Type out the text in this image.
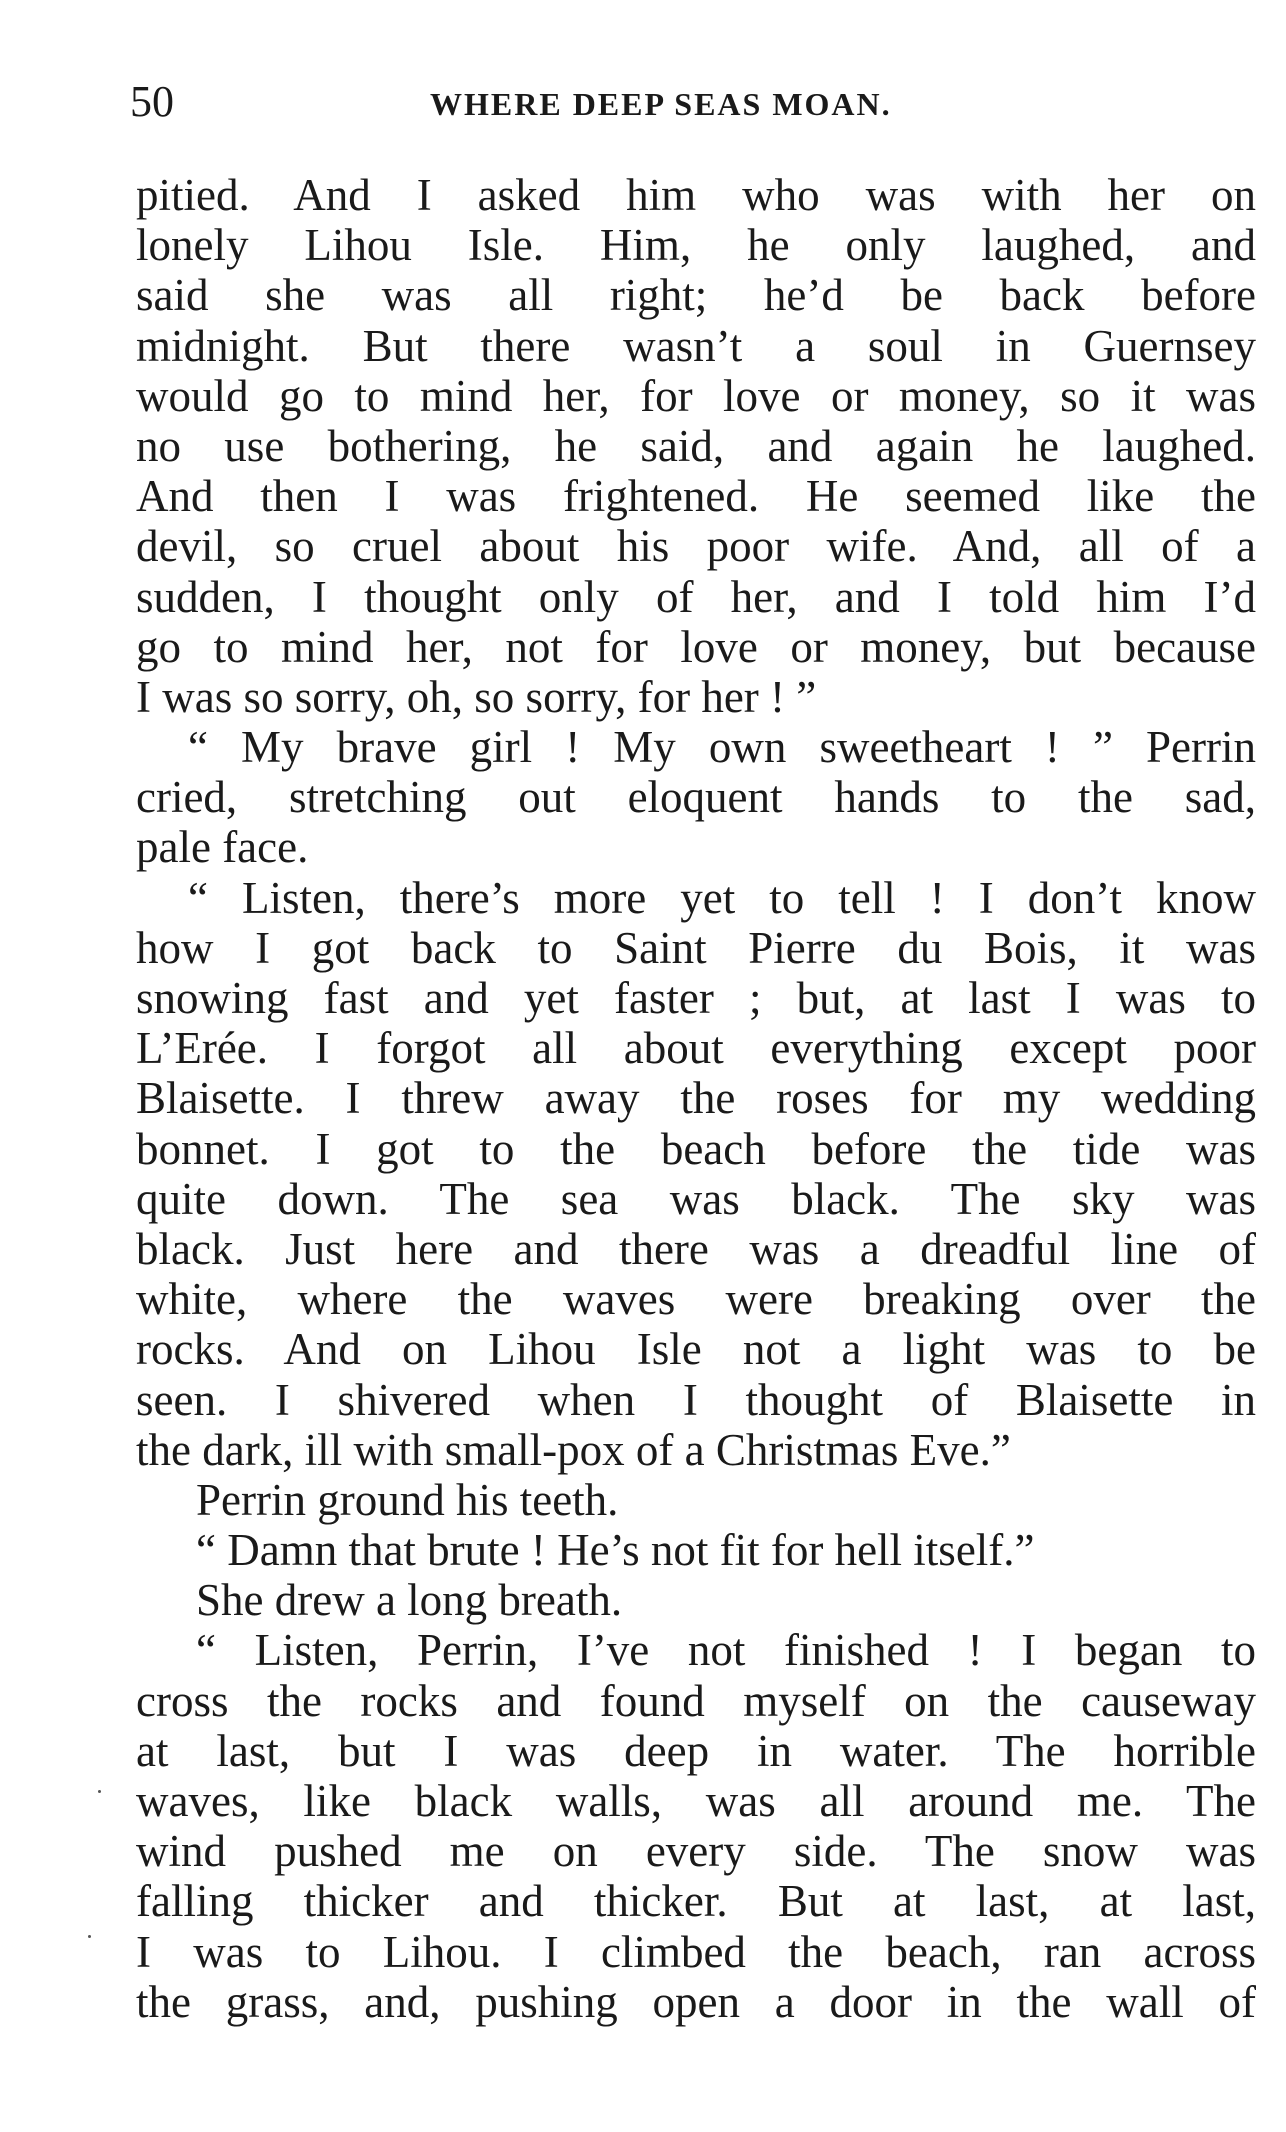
50	WHERE DEEP SEAS MOAN.
pitied. And I asked him who was with her on
lonely Lihou Isle. Him, he only laughed, and
said she was all right; he’d be back before
midnight. But there wasn’t a soul in Guernsey
would go to mind her, for love or money, so it was
no use bothering, he said, and again he laughed.
And then I was frightened. He seemed like the
devil, so cruel about his poor wife. And, all of a
sudden, I thought only of her, and I told him I’d
go to mind her, not for love or money, but because
I was so sorry, oh, so sorry, for her ! ”
“ My brave girl ! My own sweetheart ! ” Perrin
cried, stretching out eloquent hands to the sad,
pale face.
“ Listen, there’s more yet to tell ! I don’t know
how I got back to Saint Pierre du Bois, it was
snowing fast and yet faster ; but, at last I was to
L’Erée. I forgot all about everything except poor
Blaisette. I threw away the roses for my wedding
bonnet. I got to the beach before the tide was
quite down. The sea was black. The sky was
black. Just here and there was a dreadful line of
white, where the waves were breaking over the
rocks. And on Lihou Isle not a light was to be
seen. I shivered when I thought of Blaisette in
the dark, ill with small-pox of a Christmas Eve.”
Perrin ground his teeth.
“ Damn that brute ! He’s not fit for hell itself.”
She drew a long breath.
“ Listen, Perrin, I’ve not finished ! I began to
cross the rocks and found myself on the causeway
at last, but I was deep in water. The horrible
waves, like black walls, was all around me. The
wind pushed me on every side. The snow was
falling thicker and thicker. But at last, at last,
I was to Lihou. I climbed the beach, ran across
the grass, and, pushing open a door in the wall of
